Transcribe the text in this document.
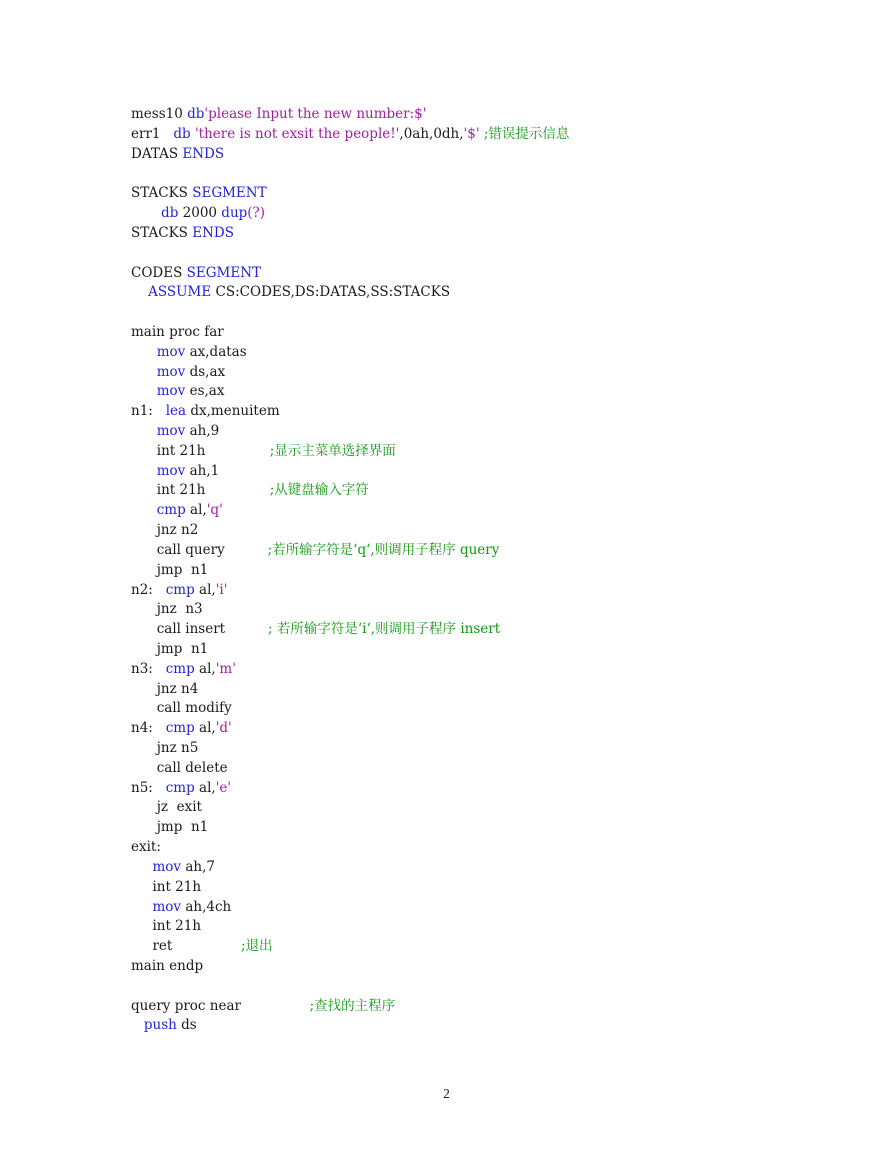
mess10 db'please Input the new number:$'
err1   db 'there is not exsit the people!',0ah,0dh,'$' ;错误提示信息
DATAS ENDS
STACKS SEGMENT
db 2000 dup(?)
STACKS ENDS
CODES SEGMENT
ASSUME CS:CODES,DS:DATAS,SS:STACKS
main proc far
mov ax,datas
mov ds,ax
mov es,ax
n1:   lea dx,menuitem
mov ah,9
int 21h               ;显示主菜单选择界面
mov ah,1
int 21h               ;从键盘输入字符
cmp al,'q'
jnz n2
call query          ;若所输字符是‘q‘,则调用子程序 query
jmp  n1
n2:   cmp al,'i'
jnz  n3
call insert          ; 若所输字符是‘i‘,则调用子程序 insert
jmp  n1
n3:   cmp al,'m'
jnz n4
call modify
n4:   cmp al,'d'
jnz n5
call delete
n5:   cmp al,'e'
jz  exit
jmp  n1
exit:
mov ah,7
int 21h
mov ah,4ch
int 21h
ret                ;退出
main endp
query proc near                ;查找的主程序
push ds
2
